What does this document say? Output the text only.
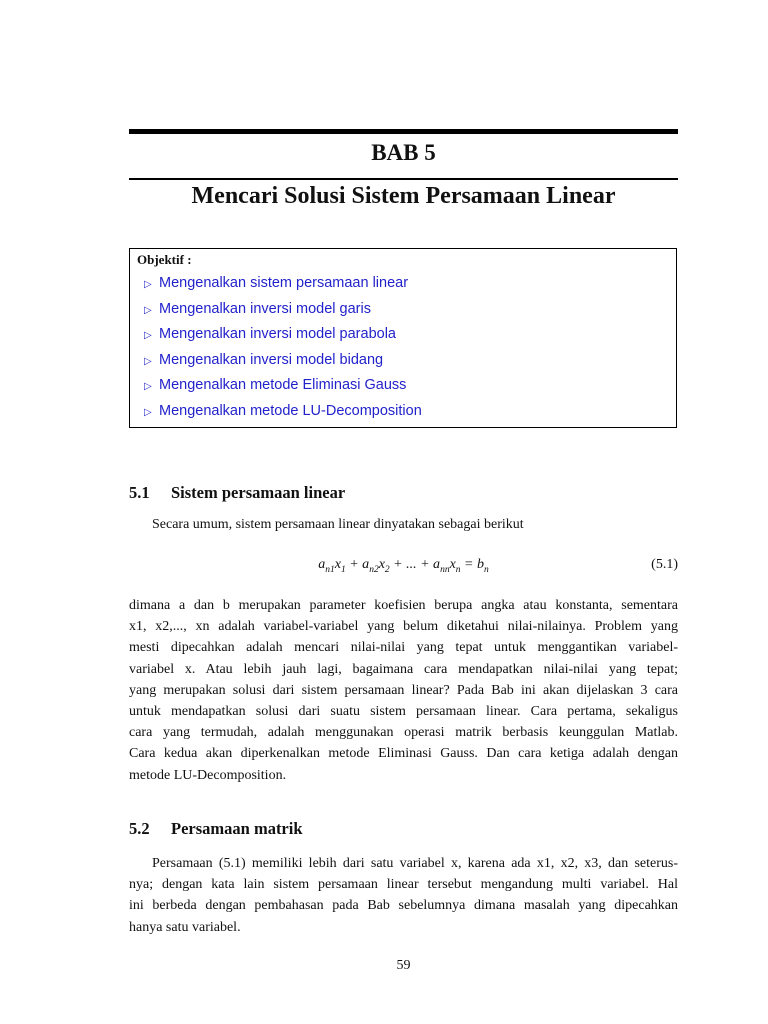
BAB 5
Mencari Solusi Sistem Persamaan Linear
Objektif :
▷ Mengenalkan sistem persamaan linear
▷ Mengenalkan inversi model garis
▷ Mengenalkan inversi model parabola
▷ Mengenalkan inversi model bidang
▷ Mengenalkan metode Eliminasi Gauss
▷ Mengenalkan metode LU-Decomposition
5.1 Sistem persamaan linear
Secara umum, sistem persamaan linear dinyatakan sebagai berikut
$a_{n1}x_1 + a_{n2}x_2$ + ... + $a_{nn}x_n = b_n$	(5.1)
dimana a dan b merupakan parameter koefisien berupa angka atau konstanta, sementara
x1, x2,..., xn adalah variabel-variabel yang belum diketahui nilai-nilainya. Problem yang
mesti dipecahkan adalah mencari nilai-nilai yang tepat untuk menggantikan variabel-
variabel x. Atau lebih jauh lagi, bagaimana cara mendapatkan nilai-nilai yang tepat;
yang merupakan solusi dari sistem persamaan linear? Pada Bab ini akan dijelaskan 3 cara
untuk mendapatkan solusi dari suatu sistem persamaan linear. Cara pertama, sekaligus
cara yang termudah, adalah menggunakan operasi matrik berbasis keunggulan Matlab.
Cara kedua akan diperkenalkan metode Eliminasi Gauss. Dan cara ketiga adalah dengan
metode LU-Decomposition.
5.2 Persamaan matrik
Persamaan (5.1) memiliki lebih dari satu variabel x, karena ada x1, x2, x3, dan seterus-
nya; dengan kata lain sistem persamaan linear tersebut mengandung multi variabel. Hal
ini berbeda dengan pembahasan pada Bab sebelumnya dimana masalah yang dipecahkan
hanya satu variabel.
59
